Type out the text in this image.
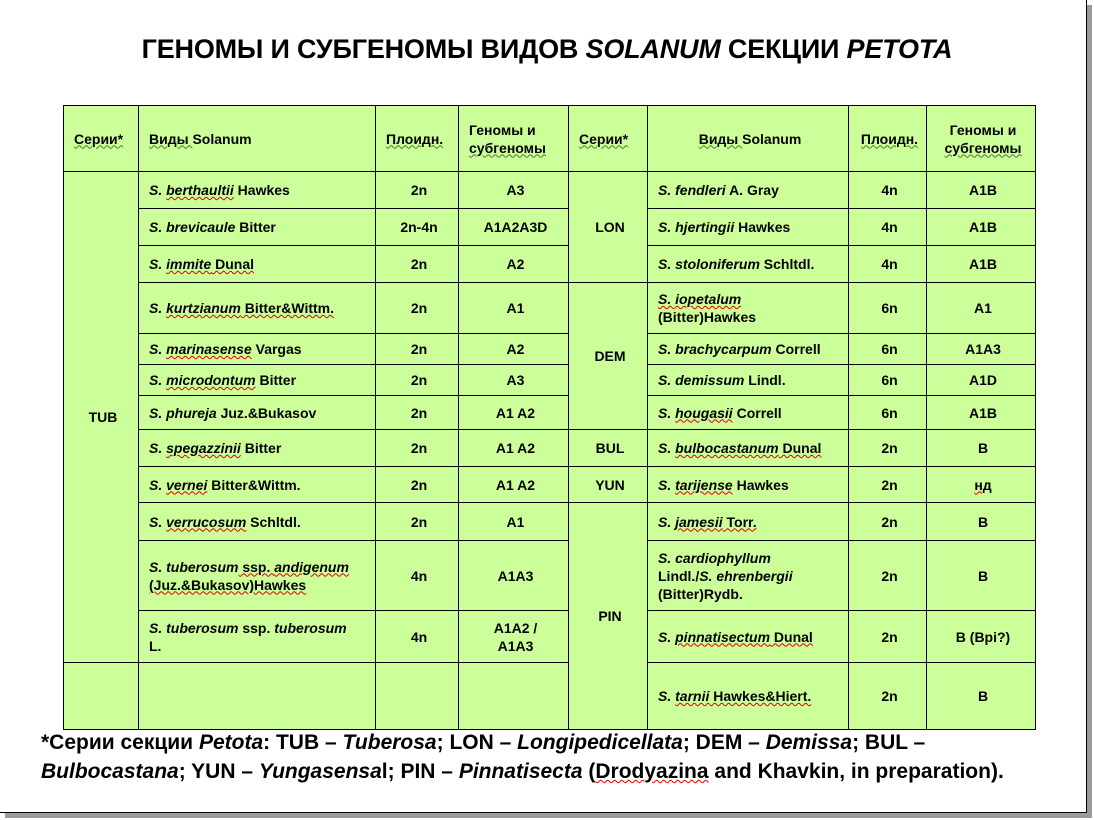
ГЕНОМЫ И СУБГЕНОМЫ ВИДОВ SOLANUM СЕКЦИИ PETOTA
Серии*	Виды Solanum	Плоидн.	Геномы и
субгеномы	Серии*	Виды Solanum	Плоидн.	Геномы и
субгеномы
TUB	S. berthaultii Hawkes	2n	A3	LON	S. fendleri A. Gray	4n	A1B
	S. brevicaule Bitter	2n-4n	A1A2A3D		S. hjertingii Hawkes	4n	A1B
	S. immite Dunal	2n	A2		S. stoloniferum Schltdl.	4n	A1B
	S. kurtzianum Bitter&Wittm.	2n	A1	DEM	S. iopetalum
(Bitter)Hawkes	6n	A1
	S. marinasense Vargas	2n	A2		S. brachycarpum Correll	6n	A1A3
	S. microdontum Bitter	2n	A3		S. demissum Lindl.	6n	A1D
	S. phureja Juz.&Bukasov	2n	A1 A2		S. hougasii Correll	6n	A1B
	S. spegazzinii Bitter	2n	A1 A2	BUL	S. bulbocastanum Dunal	2n	B
	S. vernei Bitter&Wittm.	2n	A1 A2	YUN	S. tarijense Hawkes	2n	нд
	S. verrucosum Schltdl.	2n	A1	PIN	S. jamesii Torr.	2n	B
	S. tuberosum ssp. andigenum
(Juz.&Bukasov)Hawkes	4n	A1A3		S. cardiophyllum
Lindl./S. ehrenbergii
(Bitter)Rydb.	2n	B
	S. tuberosum ssp. tuberosum
L.	4n	A1A2 /
A1A3		S. pinnatisectum Dunal	2n	B (Bpi?)
					S. tarnii Hawkes&Hiert.	2n	B
*Серии секции Petota: TUB – Tuberosa; LON – Longipedicellata; DEM – Demissa; BUL – Bulbocastana; YUN – Yungasensal; PIN – Pinnatisecta (Drodyazina and Khavkin, in preparation).
